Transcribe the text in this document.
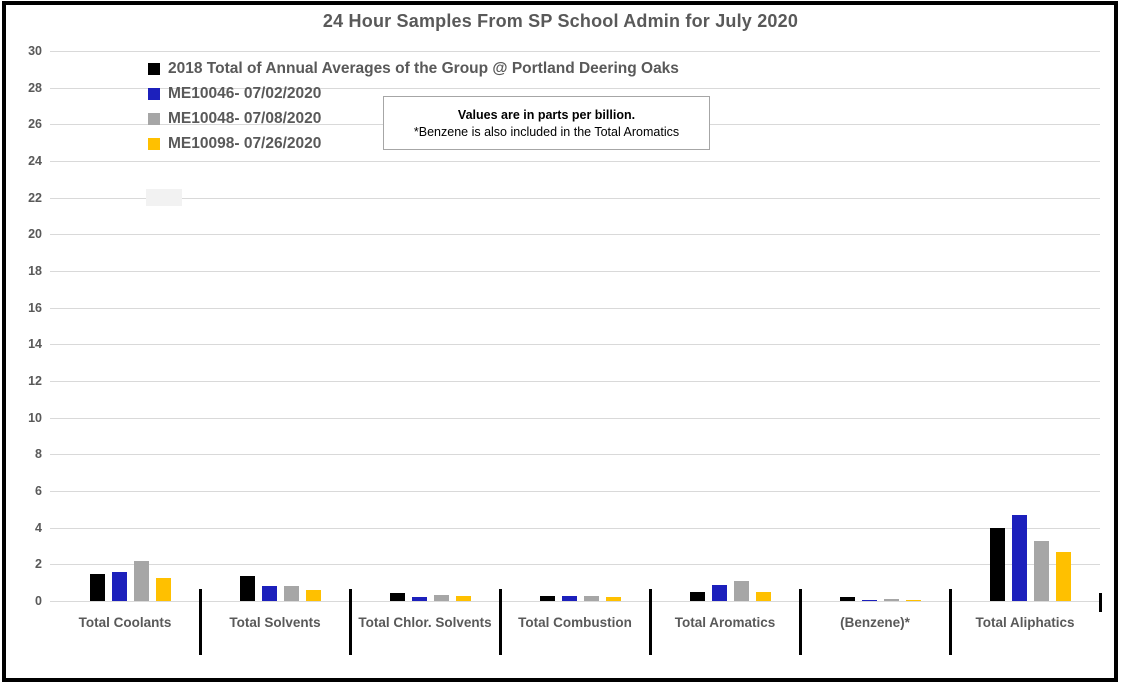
0
2
4
6
8
10
12
14
16
18
20
22
24
26
28
30
Total Coolants	Total Solvents	Total Chlor. Solvents	Total Combustion	Total Aromatics	(Benzene)*	Total Aliphatics
24 Hour Samples From SP School Admin for July 2020
2018 Total of Annual Averages of the Group @ Portland Deering Oaks
ME10046- 07/02/2020
ME10048- 07/08/2020
ME10098- 07/26/2020
Values are in parts per billion.
*Benzene is also included in the Total Aromatics
